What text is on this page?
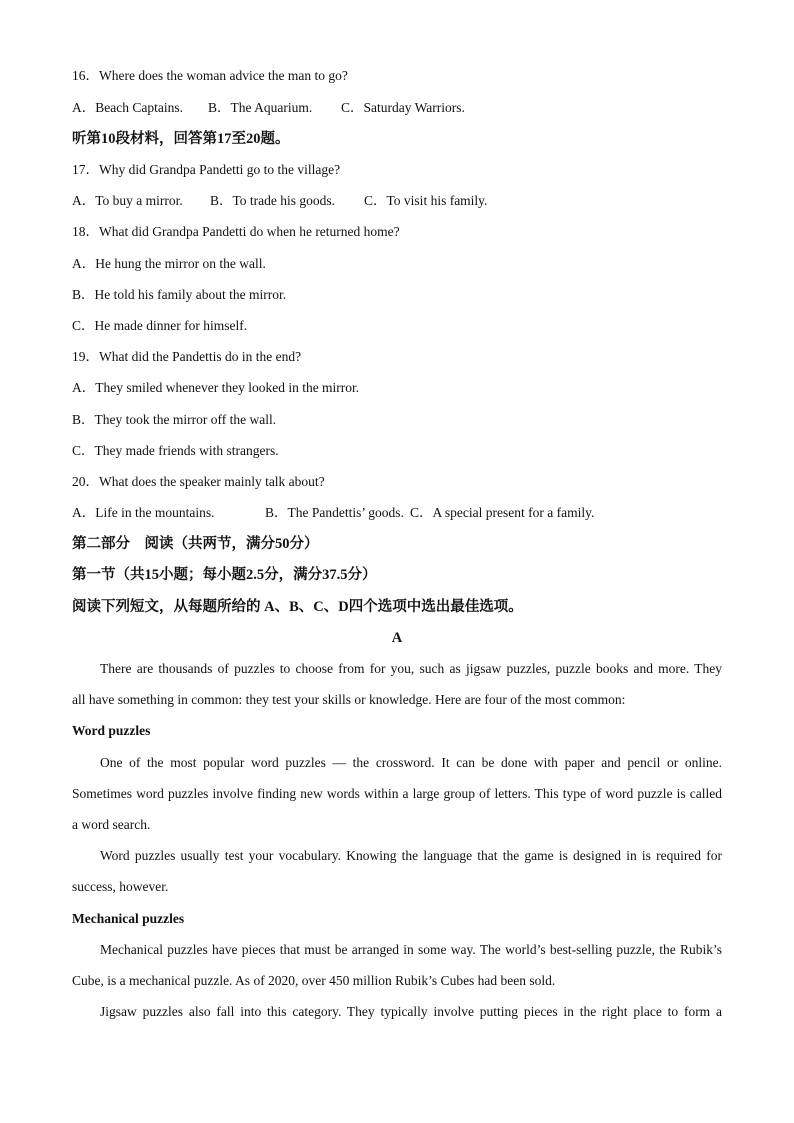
16．Where does the woman advice the man to go?
A．Beach Captains. B．The Aquarium. C．Saturday Warriors.
听第10段材料，回答第17至20题。
17．Why did Grandpa Pandetti go to the village?
A．To buy a mirror. B．To trade his goods. C．To visit his family.
18．What did Grandpa Pandetti do when he returned home?
A．He hung the mirror on the wall.
B．He told his family about the mirror.
C．He made dinner for himself.
19．What did the Pandettis do in the end?
A．They smiled whenever they looked in the mirror.
B．They took the mirror off the wall.
C．They made friends with strangers.
20．What does the speaker mainly talk about?
A．Life in the mountains.	B．The Pandettis’ goods. C．A special present for a family.
第二部分　阅读（共两节，满分50分）
第一节（共15小题；每小题2.5分，满分37.5分）
阅读下列短文，从每题所给的 A、B、C、D四个选项中选出最佳选项。
A
There are thousands of puzzles to choose from for you, such as jigsaw puzzles, puzzle books and more. They
all have something in common: they test your skills or knowledge. Here are four of the most common:
Word puzzles
One of the most popular word puzzles — the crossword. It can be done with paper and pencil or online.
Sometimes word puzzles involve finding new words within a large group of letters. This type of word puzzle is called
a word search.
Word puzzles usually test your vocabulary. Knowing the language that the game is designed in is required for
success, however.
Mechanical puzzles
Mechanical puzzles have pieces that must be arranged in some way. The world’s best-selling puzzle, the Rubik’s
Cube, is a mechanical puzzle. As of 2020, over 450 million Rubik’s Cubes had been sold.
Jigsaw puzzles also fall into this category. They typically involve putting pieces in the right place to form a
